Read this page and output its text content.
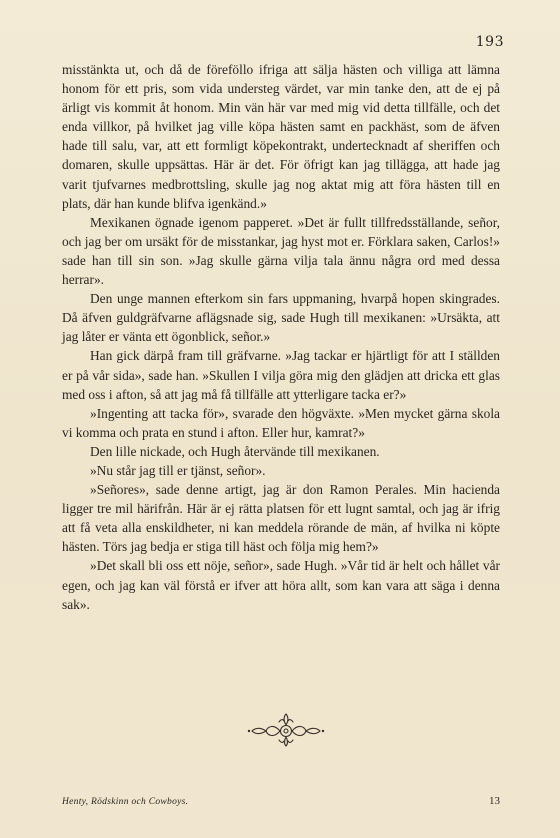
193

misstänkta ut, och då de föreföllo ifriga att sälja hästen och villiga att lämna honom för ett pris, som vida understeg värdet, var min tanke den, att de ej på ärligt vis kommit åt honom. Min vän här var med mig vid detta tillfälle, och det enda villkor, på hvilket jag ville köpa hästen samt en packhäst, som de äfven hade till salu, var, att ett formligt köpekontrakt, undertecknadt af sheriffen och domaren, skulle uppsättas. Här är det. För öfrigt kan jag tillägga, att hade jag varit tjufvarnes medbrottsling, skulle jag nog aktat mig att föra hästen till en plats, där han kunde blifva igenkänd.»

Mexikanen ögnade igenom papperet. »Det är fullt tillfredsställande, señor, och jag ber om ursäkt för de misstankar, jag hyst mot er. Förklara saken, Carlos!» sade han till sin son. »Jag skulle gärna vilja tala ännu några ord med dessa herrar».

Den unge mannen efterkom sin fars uppmaning, hvarpå hopen skingrades. Då äfven guldgräfvarne aflägsnade sig, sade Hugh till mexikanen: »Ursäkta, att jag låter er vänta ett ögonblick, señor.»

Han gick därpå fram till gräfvarne. »Jag tackar er hjärtligt för att I ställden er på vår sida», sade han. »Skullen I vilja göra mig den glädjen att dricka ett glas med oss i afton, så att jag må få tillfälle att ytterligare tacka er?»

»Ingenting att tacka för», svarade den högväxte. »Men mycket gärna skola vi komma och prata en stund i afton. Eller hur, kamrat?»

Den lille nickade, och Hugh återvände till mexikanen.

»Nu står jag till er tjänst, señor».

»Señores», sade denne artigt, jag är don Ramon Perales. Min hacienda ligger tre mil härifrån. Här är ej rätta platsen för ett lugnt samtal, och jag är ifrig att få veta alla enskildheter, ni kan meddela rörande de män, af hvilka ni köpte hästen. Törs jag bedja er stiga till häst och följa mig hem?»

»Det skall bli oss ett nöje, señor», sade Hugh. »Vår tid är helt och hållet vår egen, och jag kan väl förstå er ifver att höra allt, som kan vara att säga i denna sak».

Henty, Rödskinn och Cowboys.	13
